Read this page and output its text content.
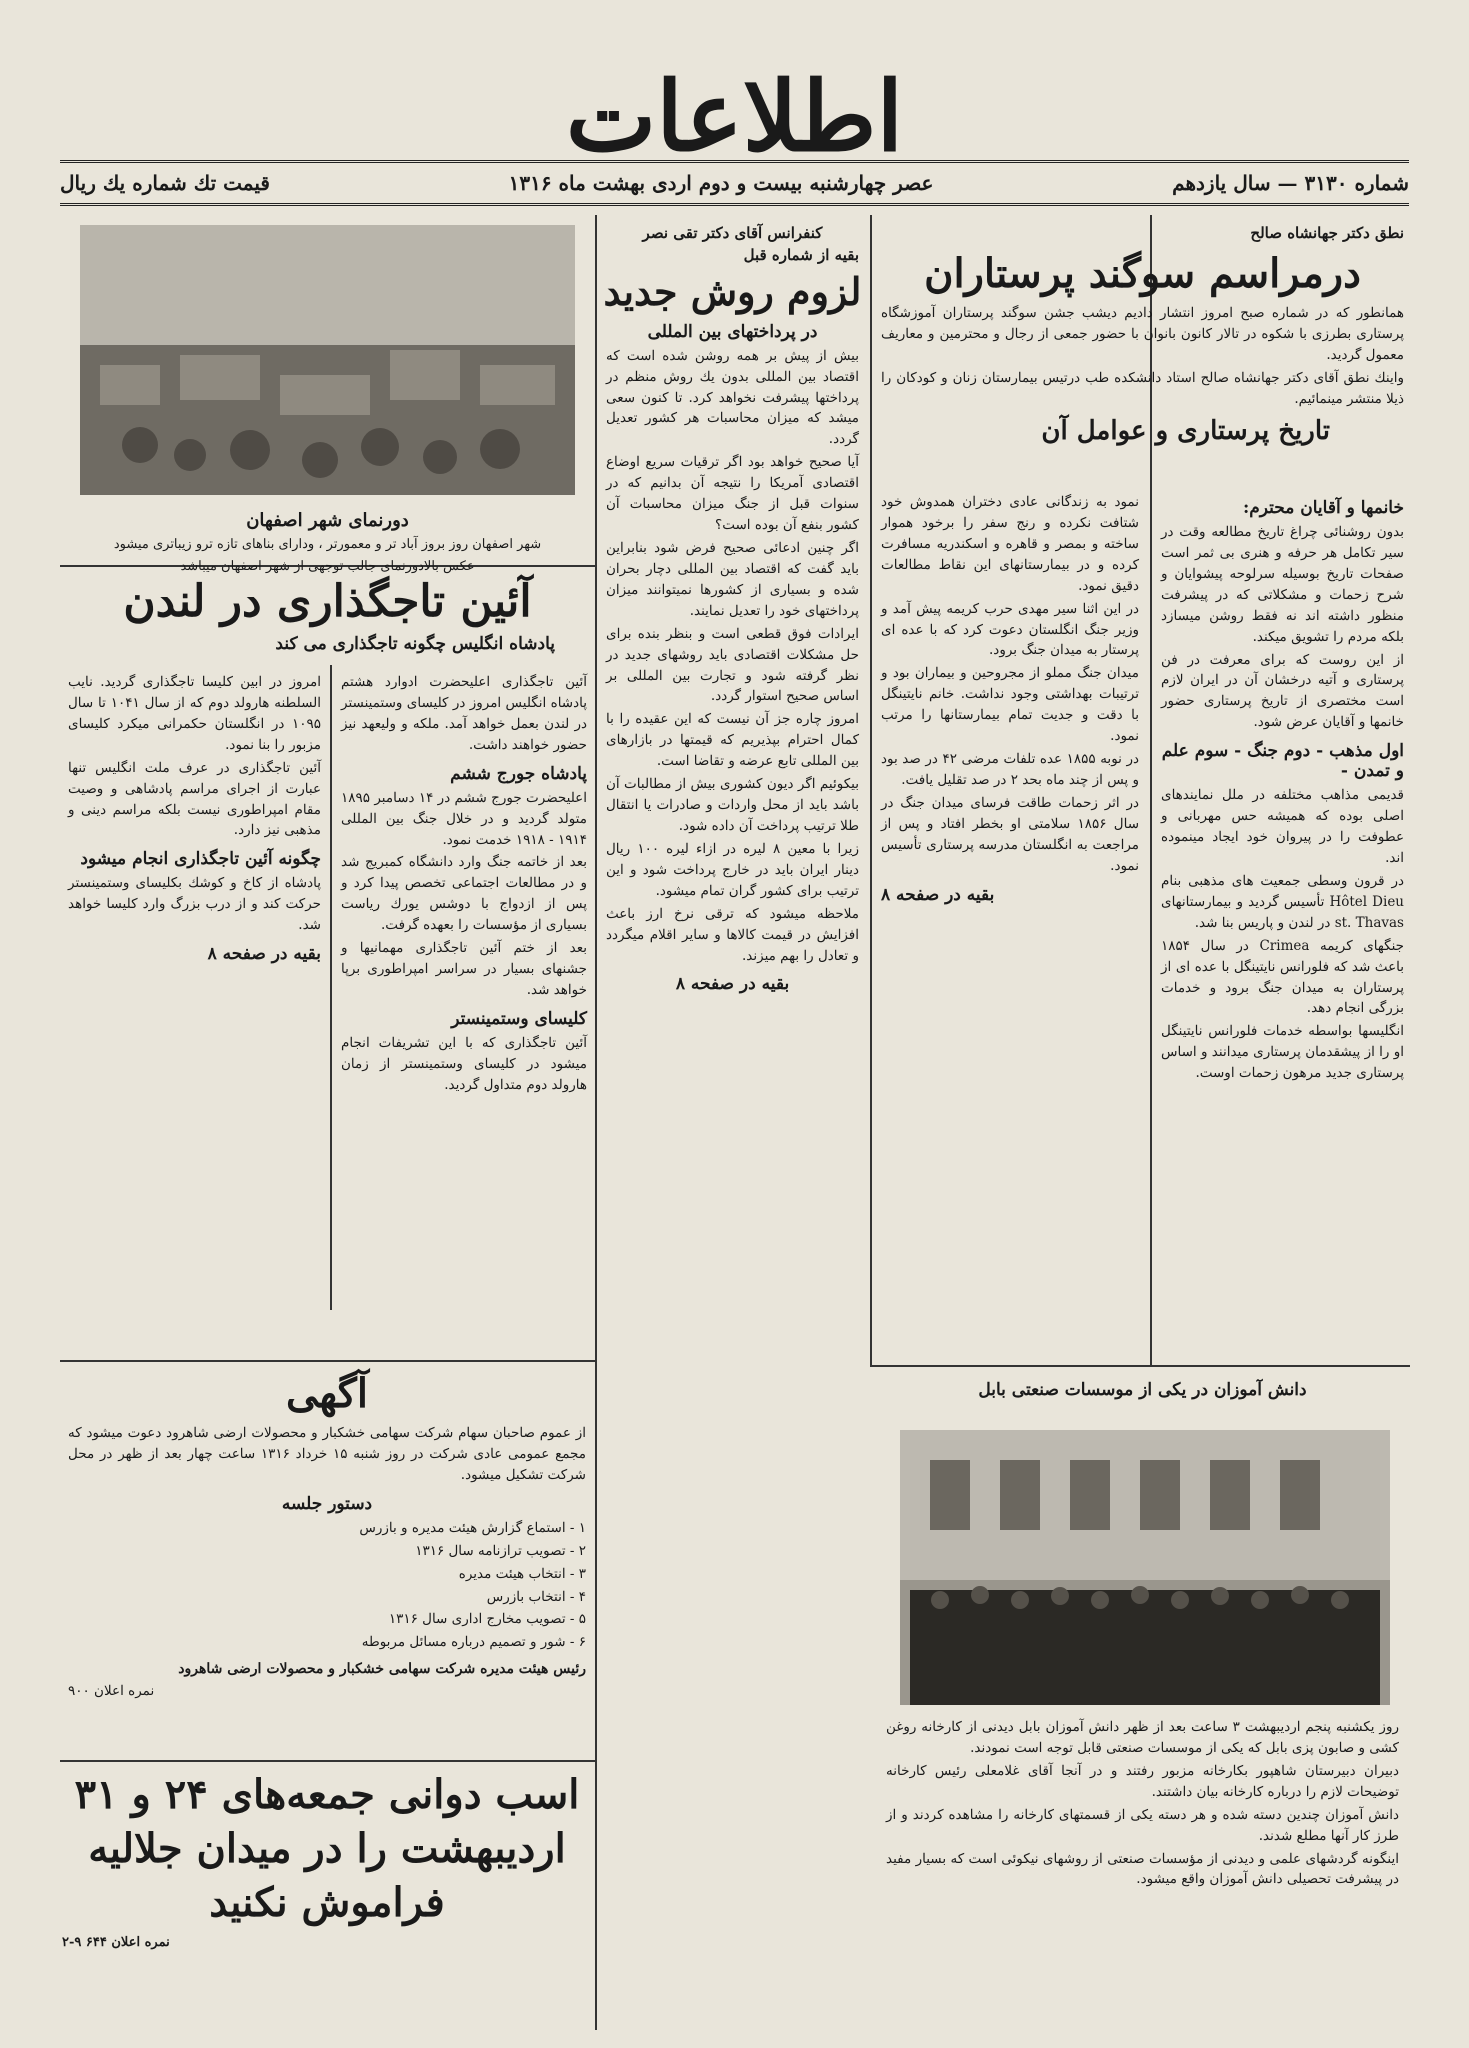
اطلاعات
شماره ۳۱۳۰ — سال یازدهم
عصر چهارشنبه بیست و دوم اردی بهشت ماه ۱۳۱۶
قیمت تك شماره یك ریال
نطق دکتر جهانشاه صالح
درمراسم سوگند پرستاران
همانطور که در شماره صبح امروز انتشار دادیم دیشب جشن سوگند پرستاران آموزشگاه پرستاری بطرزی با شکوه در تالار کانون بانوان با حضور جمعی از رجال و محترمین و معاریف معمول گردید.
واینك نطق آقای دکتر جهانشاه صالح استاد دانشکده طب درتیس بیمارستان زنان و کودکان را ذیلا منتشر مینمائیم.
تاریخ پرستاری و عوامل آن
خانمها و آقایان محترم:
بدون روشنائی چراغ تاریخ مطالعه وقت در سیر تکامل هر حرفه و هنری بی ثمر است صفحات تاریخ بوسیله سرلوحه پیشوایان و شرح زحمات و مشکلاتی که در پیشرفت منظور داشته اند نه فقط روشن میسازد بلکه مردم را تشویق میکند.
از این روست که برای معرفت در فن پرستاری و آتیه درخشان آن در ایران لازم است مختصری از تاریخ پرستاری حضور خانمها و آقایان عرض شود.
اول مذهب - دوم جنگ - سوم علم و تمدن -
قدیمی مذاهب مختلفه در ملل نمایندهای اصلی بوده که همیشه حس مهربانی و عطوفت را در پیروان خود ایجاد مینموده اند.
در قرون وسطی جمعیت های مذهبی بنام Hôtel Dieu تأسیس گردید و بیمارستانهای st. Thavas در لندن و پاریس بنا شد.
جنگهای کریمه Crimea در سال ۱۸۵۴ باعث شد که فلورانس نایتینگل با عده ای از پرستاران به میدان جنگ برود و خدمات بزرگی انجام دهد.
انگلیسها بواسطه خدمات فلورانس نایتینگل او را از پیشقدمان پرستاری میدانند و اساس پرستاری جدید مرهون زحمات اوست.
نمود به زندگانی عادی دختران همدوش خود شتافت نکرده و رنج سفر را برخود هموار ساخته و بمصر و قاهره و اسکندریه مسافرت کرده و در بیمارستانهای این نقاط مطالعات دقیق نمود.
در این اثنا سیر مهدی حرب کریمه پیش آمد و وزیر جنگ انگلستان دعوت کرد که با عده ای پرستار به میدان جنگ برود.
میدان جنگ مملو از مجروحین و بیماران بود و ترتیبات بهداشتی وجود نداشت. خانم نایتینگل با دقت و جدیت تمام بیمارستانها را مرتب نمود.
در نوبه ۱۸۵۵ عده تلفات مرضی ۴۲ در صد بود و پس از چند ماه بحد ۲ در صد تقلیل یافت.
در اثر زحمات طاقت فرسای میدان جنگ در سال ۱۸۵۶ سلامتی او بخطر افتاد و پس از مراجعت به انگلستان مدرسه پرستاری تأسیس نمود.
بقیه در صفحه ۸
کنفرانس آقای دکتر تقی نصر
بقیه از شماره قبل
لزوم روش جدید
در پرداختهای بین المللی
بیش از پیش بر همه روشن شده است که اقتصاد بین المللی بدون یك روش منظم در پرداختها پیشرفت نخواهد کرد. تا کنون سعی میشد که میزان محاسبات هر کشور تعدیل گردد.
آیا صحیح خواهد بود اگر ترقیات سریع اوضاع اقتصادی آمریکا را نتیجه آن بدانیم که در سنوات قبل از جنگ میزان محاسبات آن کشور بنفع آن بوده است؟
اگر چنین ادعائی صحیح فرض شود بنابراین باید گفت که اقتصاد بین المللی دچار بحران شده و بسیاری از کشورها نمیتوانند میزان پرداختهای خود را تعدیل نمایند.
ایرادات فوق قطعی است و بنظر بنده برای حل مشکلات اقتصادی باید روشهای جدید در نظر گرفته شود و تجارت بین المللی بر اساس صحیح استوار گردد.
امروز چاره جز آن نیست که این عقیده را با کمال احترام بپذیریم که قیمتها در بازارهای بین المللی تابع عرضه و تقاضا است.
بیکوئیم اگر دیون کشوری بیش از مطالبات آن باشد باید از محل واردات و صادرات یا انتقال طلا ترتیب پرداخت آن داده شود.
زیرا با معین ۸ لیره در ازاء لیره ۱۰۰ ریال دینار ایران باید در خارج پرداخت شود و این ترتیب برای کشور گران تمام میشود.
ملاحظه میشود که ترقی نرخ ارز باعث افزایش در قیمت کالاها و سایر اقلام میگردد و تعادل را بهم میزند.
بقیه در صفحه ۸
دورنمای شهر اصفهان
شهر اصفهان روز بروز آباد تر و معمورتر ، ودارای بناهای تازه ترو زیباتری میشود
عکس بالادورنمای جالب توجهی از شهر اصفهان میباشد
آئین تاجگذاری در لندن
پادشاه انگلیس چگونه تاجگذاری می کند
آئین تاجگذاری اعلیحضرت ادوارد هشتم پادشاه انگلیس امروز در کلیسای وستمینستر در لندن بعمل خواهد آمد. ملکه و ولیعهد نیز حضور خواهند داشت.
پادشاه جورج ششم
اعلیحضرت جورج ششم در ۱۴ دسامبر ۱۸۹۵ متولد گردید و در خلال جنگ بین المللی ۱۹۱۴ - ۱۹۱۸ خدمت نمود.
بعد از خاتمه جنگ وارد دانشگاه کمبریج شد و در مطالعات اجتماعی تخصص پیدا کرد و پس از ازدواج با دوشس یورك ریاست بسیاری از مؤسسات را بعهده گرفت.
بعد از ختم آئین تاجگذاری مهمانیها و جشنهای بسیار در سراسر امپراطوری برپا خواهد شد.
کلیسای وستمینستر
آئین تاجگذاری که با این تشریفات انجام میشود در کلیسای وستمینستر از زمان هارولد دوم متداول گردید.
امروز در ابین کلیسا تاجگذاری گردید. نایب السلطنه هارولد دوم که از سال ۱۰۴۱ تا سال ۱۰۹۵ در انگلستان حکمرانی میکرد کلیسای مزبور را بنا نمود.
آئین تاجگذاری در عرف ملت انگلیس تنها عبارت از اجرای مراسم پادشاهی و وصیت مقام امپراطوری نیست بلکه مراسم دینی و مذهبی نیز دارد.
چگونه آئین تاجگذاری انجام میشود
پادشاه از کاخ و کوشك بکلیسای وستمینستر حرکت کند و از درب بزرگ وارد کلیسا خواهد شد.
بقیه در صفحه ۸
آگهی
از عموم صاحبان سهام شرکت سهامی خشکبار و محصولات ارضی شاهرود دعوت میشود که مجمع عمومی عادی شرکت در روز شنبه ۱۵ خرداد ۱۳۱۶ ساعت چهار بعد از ظهر در محل شرکت تشکیل میشود.
دستور جلسه
۱ - استماع گزارش هیئت مدیره و بازرس
۲ - تصویب ترازنامه سال ۱۳۱۶
۳ - انتخاب هیئت مدیره
۴ - انتخاب بازرس
۵ - تصویب مخارج اداری سال ۱۳۱۶
۶ - شور و تصمیم درباره مسائل مربوطه
رئیس هیئت مدیره شرکت سهامی خشکبار و محصولات ارضی شاهرود
نمره اعلان ۹۰۰
اسب دوانی جمعه‌های ۲۴ و ۳۱
اردیبهشت را در میدان جلالیه
فراموش نکنید
نمره اعلان ۶۴۴ ۹-۲
دانش آموزان در یکی از موسسات صنعتی بابل
روز یکشنبه پنجم اردیبهشت ۳ ساعت بعد از ظهر دانش آموزان بابل دیدنی از کارخانه روغن کشی و صابون پزی بابل که یکی از موسسات صنعتی قابل توجه است نمودند.
دبیران دبیرستان شاهپور بکارخانه مزبور رفتند و در آنجا آقای غلامعلی رئیس کارخانه توضیحات لازم را درباره کارخانه بیان داشتند.
دانش آموزان چندین دسته شده و هر دسته یکی از قسمتهای کارخانه را مشاهده کردند و از طرز کار آنها مطلع شدند.
اینگونه گردشهای علمی و دیدنی از مؤسسات صنعتی از روشهای نیکوئی است که بسیار مفید در پیشرفت تحصیلی دانش آموزان واقع میشود.
